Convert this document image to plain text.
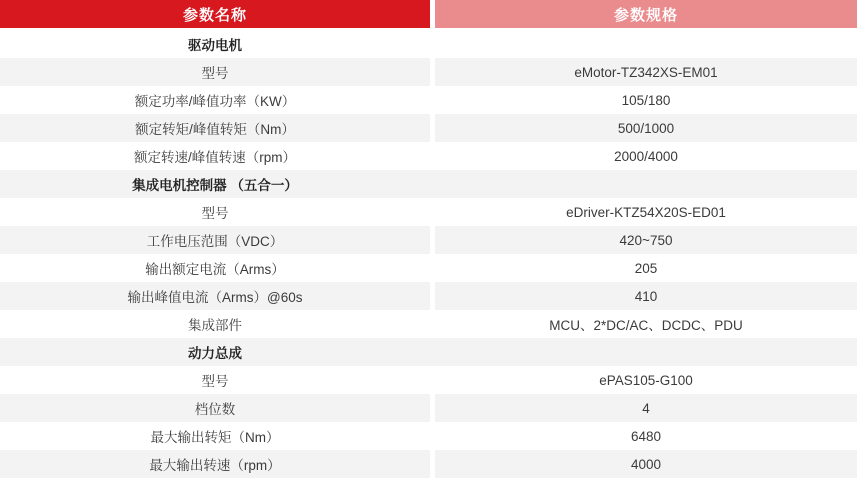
参数名称	参数规格
驱动电机
型号	eMotor-TZ342XS-EM01
额定功率/峰值功率（KW）	105/180
额定转矩/峰值转矩（Nm）	500/1000
额定转速/峰值转速（rpm）	2000/4000
集成电机控制器 （五合一）
型号	eDriver-KTZ54X20S-ED01
工作电压范围（VDC）	420~750
输出额定电流（Arms）	205
输出峰值电流（Arms）@60s	410
集成部件	MCU、2*DC/AC、DCDC、PDU
动力总成
型号	ePAS105-G100
档位数	4
最大输出转矩（Nm）	6480
最大输出转速（rpm）	4000
